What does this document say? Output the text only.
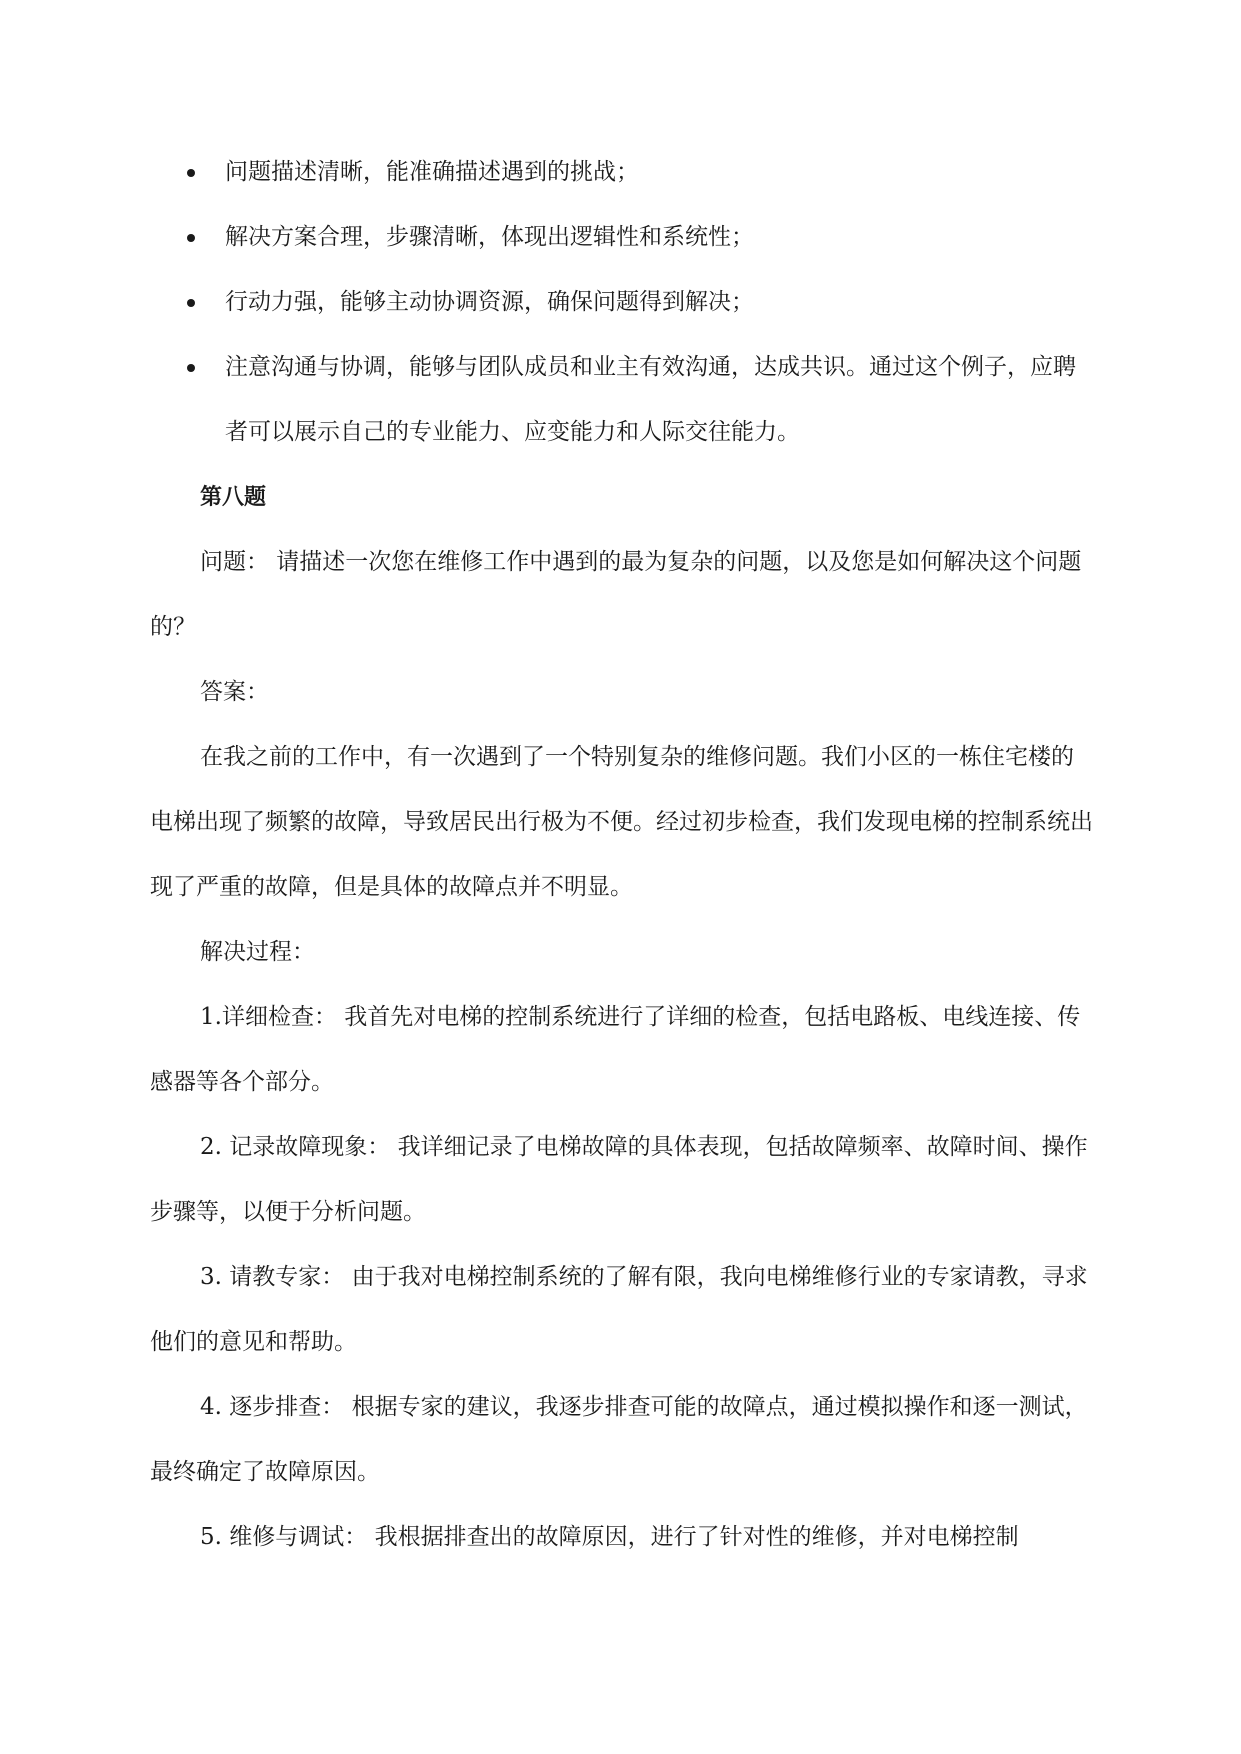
问题描述清晰，能准确描述遇到的挑战；
解决方案合理，步骤清晰，体现出逻辑性和系统性；
行动力强，能够主动协调资源，确保问题得到解决；
注意沟通与协调，能够与团队成员和业主有效沟通，达成共识。通过这个例子，应聘者可以展示自己的专业能力、应变能力和人际交往能力。

第八题

问题： 请描述一次您在维修工作中遇到的最为复杂的问题，以及您是如何解决这个问题的？

答案：

在我之前的工作中，有一次遇到了一个特别复杂的维修问题。我们小区的一栋住宅楼的电梯出现了频繁的故障，导致居民出行极为不便。经过初步检查，我们发现电梯的控制系统出现了严重的故障，但是具体的故障点并不明显。

解决过程：

1.详细检查： 我首先对电梯的控制系统进行了详细的检查，包括电路板、电线连接、传感器等各个部分。

2. 记录故障现象： 我详细记录了电梯故障的具体表现，包括故障频率、故障时间、操作步骤等，以便于分析问题。

3. 请教专家： 由于我对电梯控制系统的了解有限，我向电梯维修行业的专家请教，寻求他们的意见和帮助。

4. 逐步排查： 根据专家的建议，我逐步排查可能的故障点，通过模拟操作和逐一测试，最终确定了故障原因。

5. 维修与调试： 我根据排查出的故障原因，进行了针对性的维修，并对电梯控制
